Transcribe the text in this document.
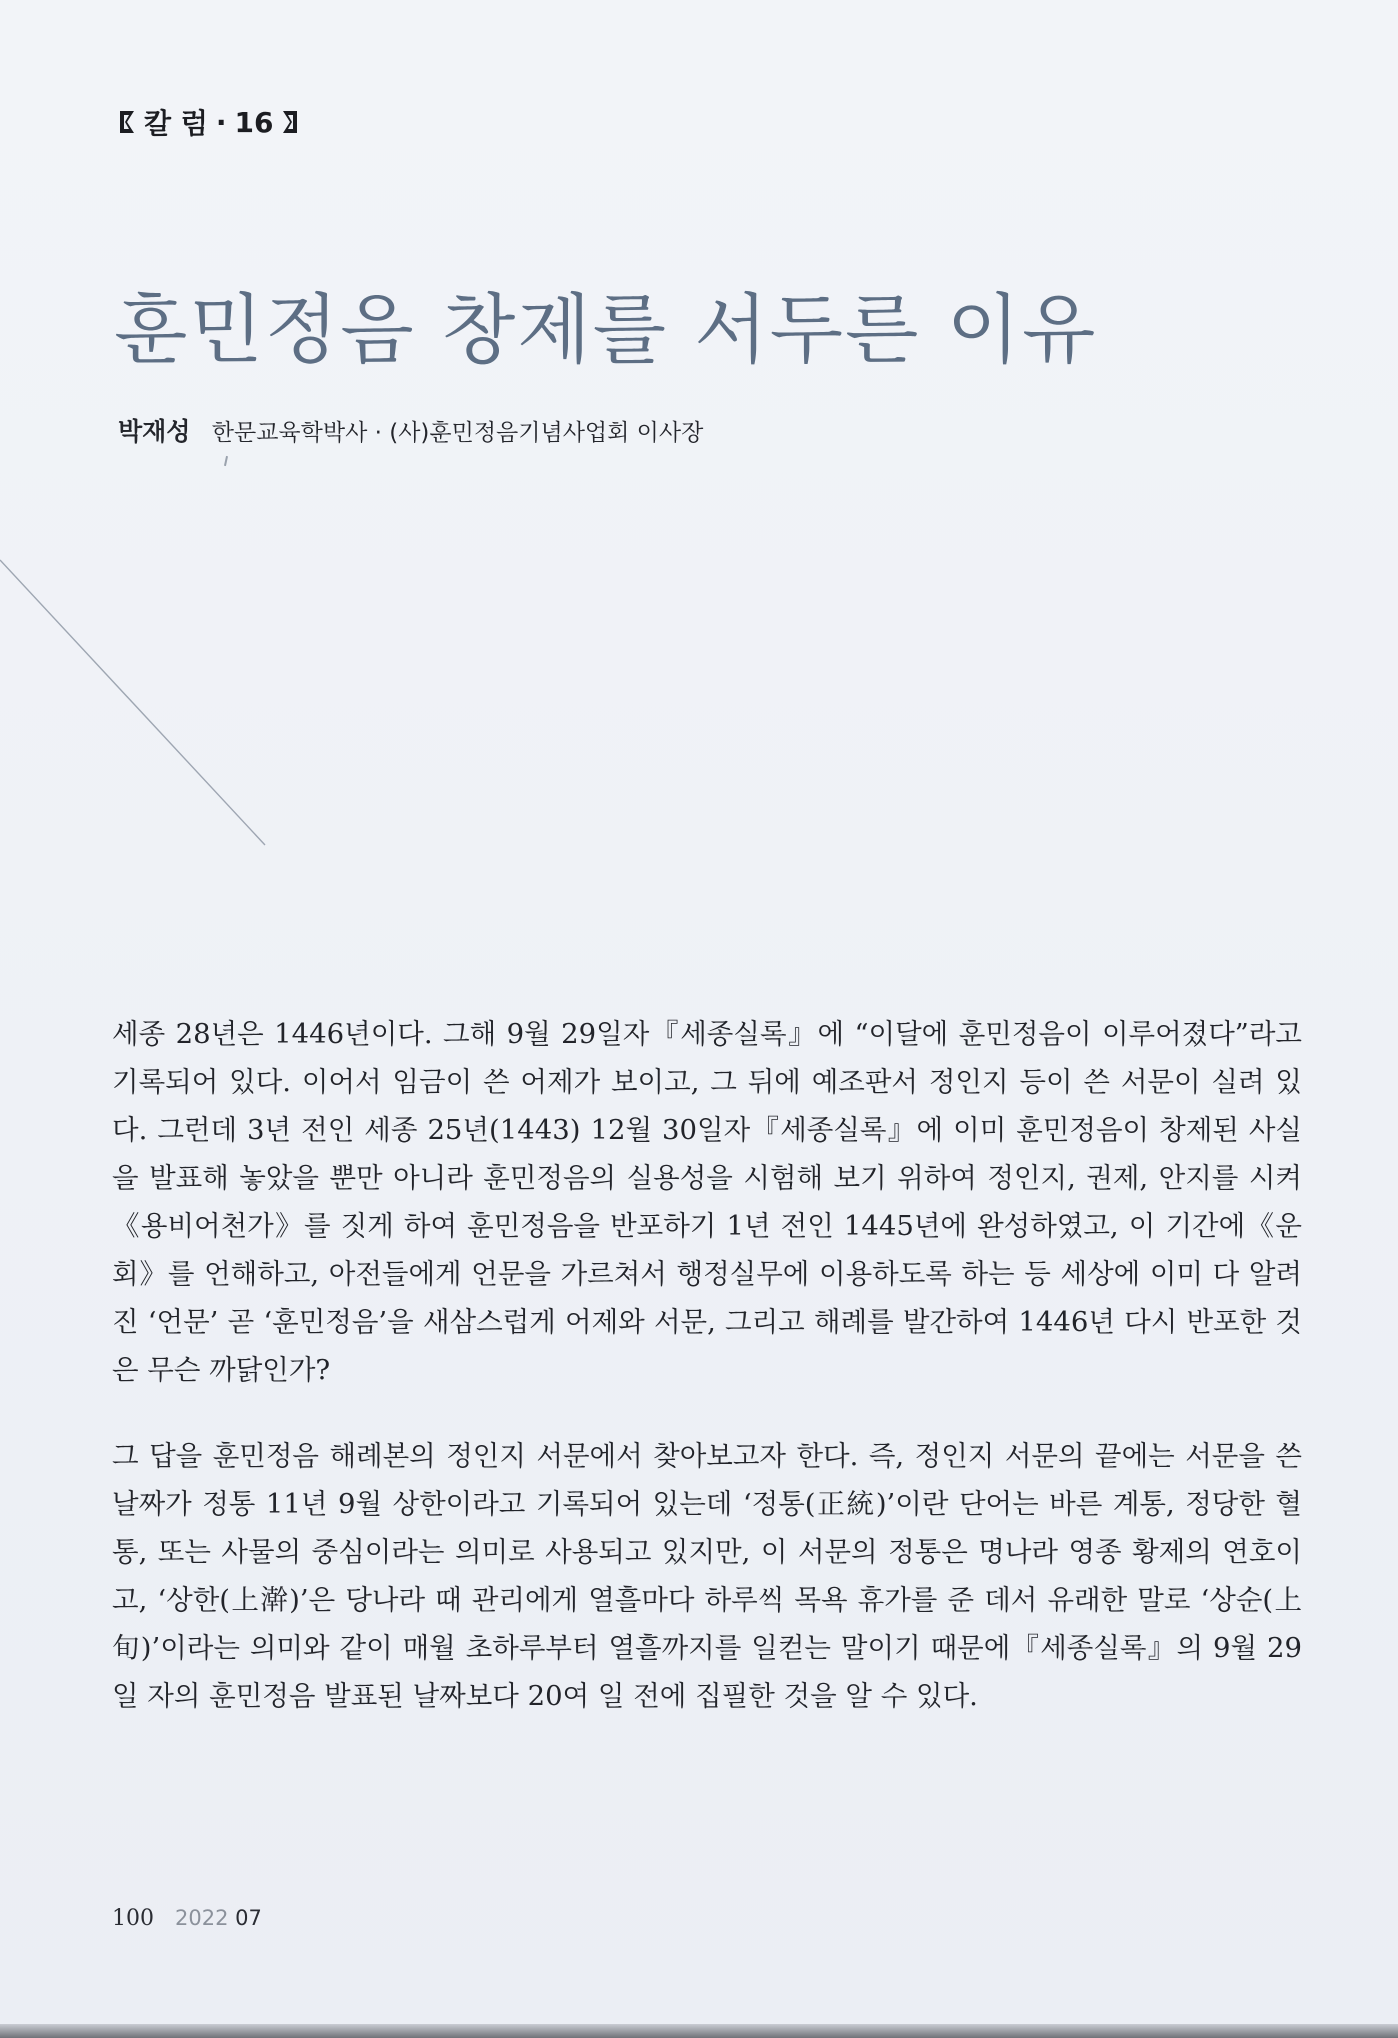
칼 럼 · 16
훈민정음 창제를 서두른 이유
박재성 한문교육학박사 · (사)훈민정음기념사업회 이사장

세종 28년은 1446년이다. 그해 9월 29일자『세종실록』에 “이달에 훈민정음이 이루어졌다”라고 기록되어 있다. 이어서 임금이 쓴 어제가 보이고, 그 뒤에 예조판서 정인지 등이 쓴 서문이 실려 있다. 그런데 3년 전인 세종 25년(1443) 12월 30일자『세종실록』에 이미 훈민정음이 창제된 사실을 발표해 놓았을 뿐만 아니라 훈민정음의 실용성을 시험해 보기 위하여 정인지, 권제, 안지를 시켜《용비어천가》를 짓게 하여 훈민정음을 반포하기 1년 전인 1445년에 완성하였고, 이 기간에《운회》를 언해하고, 아전들에게 언문을 가르쳐서 행정실무에 이용하도록 하는 등 세상에 이미 다 알려진 ‘언문’ 곧 ‘훈민정음’을 새삼스럽게 어제와 서문, 그리고 해례를 발간하여 1446년 다시 반포한 것은 무슨 까닭인가?

그 답을 훈민정음 해례본의 정인지 서문에서 찾아보고자 한다. 즉, 정인지 서문의 끝에는 서문을 쓴 날짜가 정통 11년 9월 상한이라고 기록되어 있는데 ‘정통(正統)’이란 단어는 바른 계통, 정당한 혈통, 또는 사물의 중심이라는 의미로 사용되고 있지만, 이 서문의 정통은 명나라 영종 황제의 연호이고, ‘상한(上澣)’은 당나라 때 관리에게 열흘마다 하루씩 목욕 휴가를 준 데서 유래한 말로 ‘상순(上旬)’이라는 의미와 같이 매월 초하루부터 열흘까지를 일컫는 말이기 때문에『세종실록』의 9월 29일 자의 훈민정음 발표된 날짜보다 20여 일 전에 집필한 것을 알 수 있다.

100 2022 07
